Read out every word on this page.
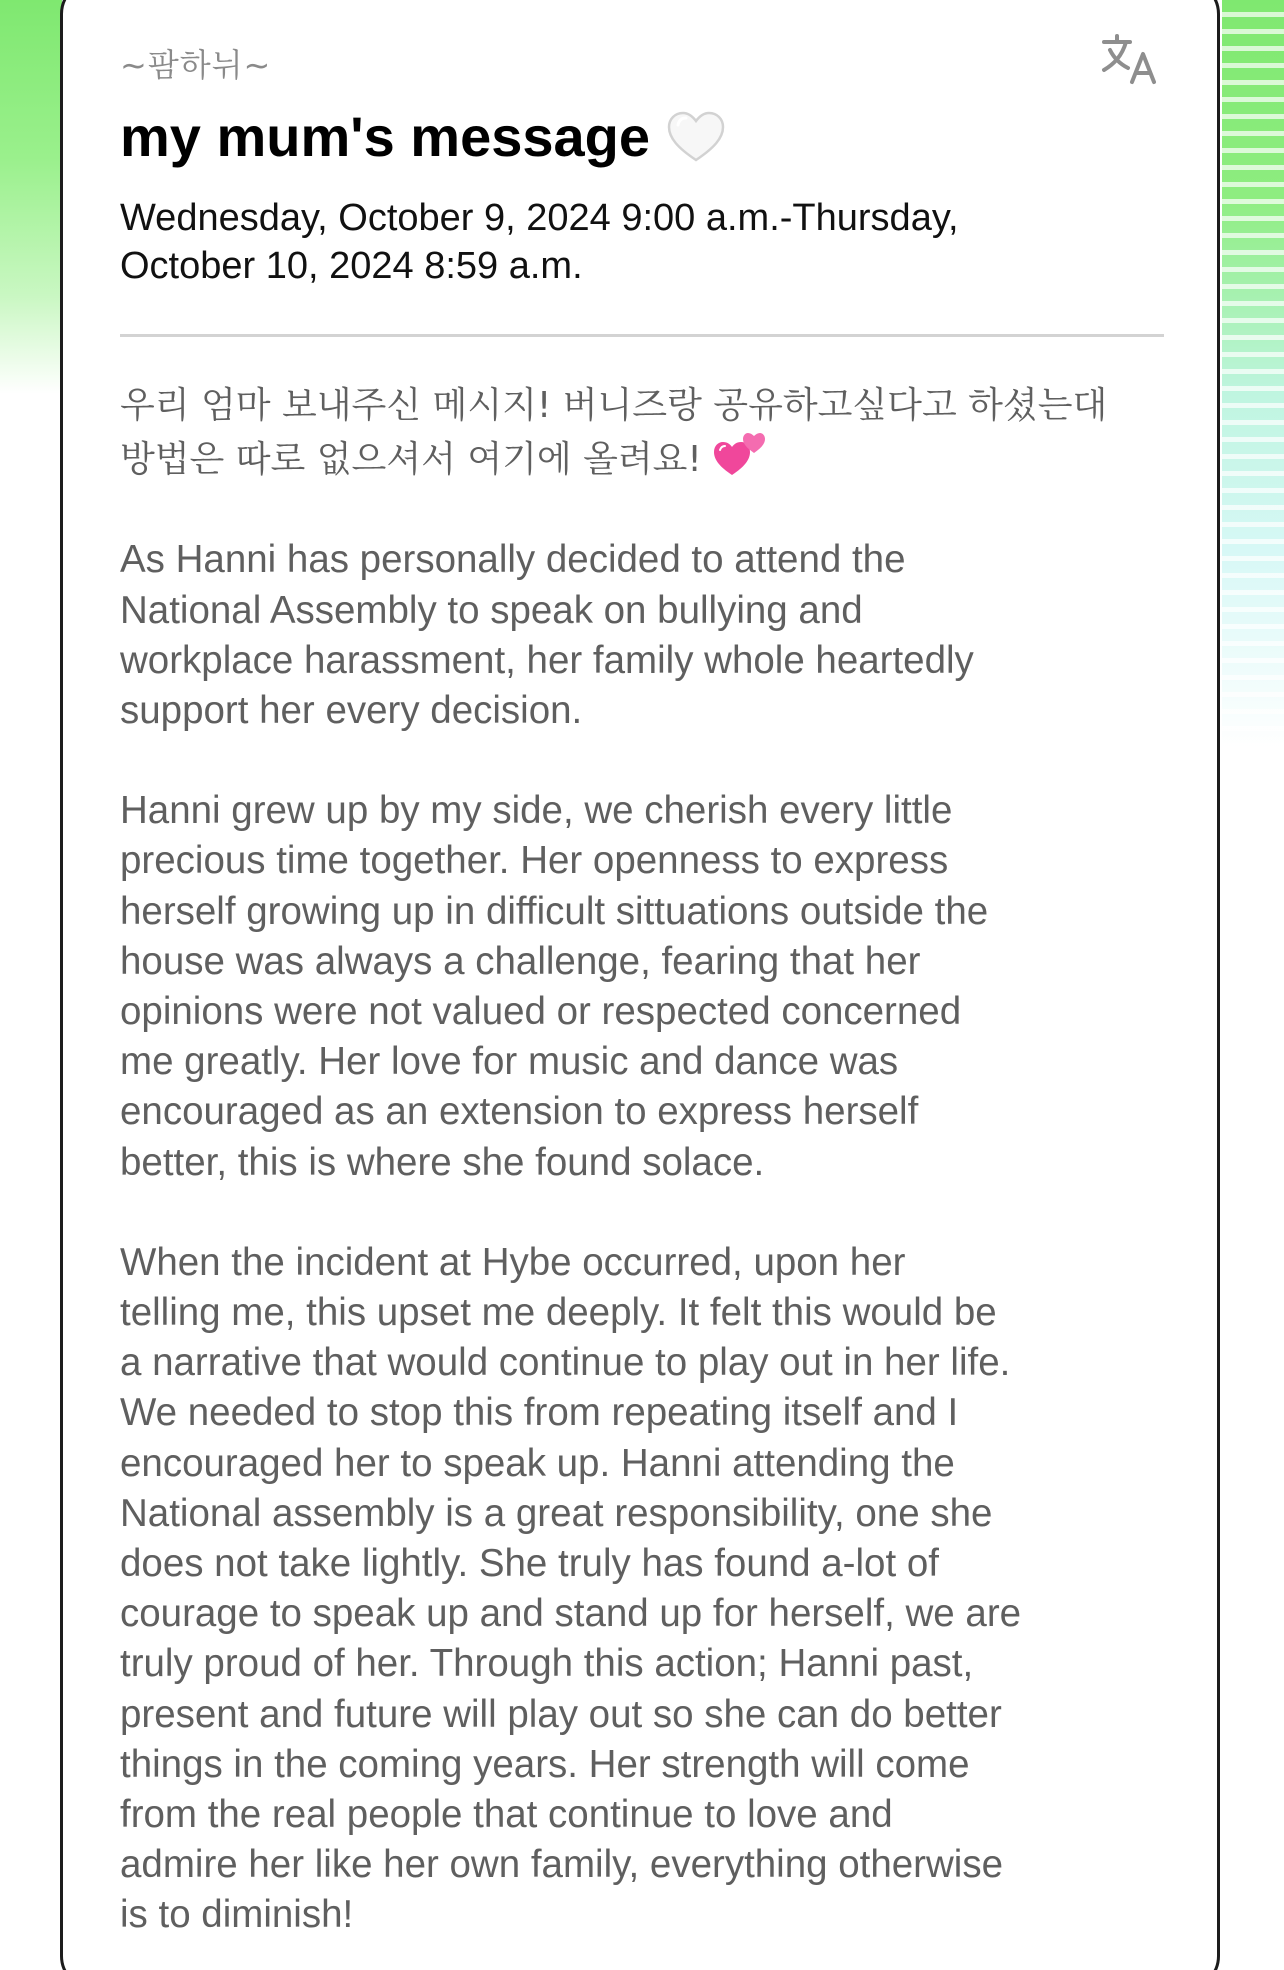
~팜하뉘~
my mum's message
Wednesday, October 9, 2024 9:00 a.m.-Thursday,
October 10, 2024 8:59 a.m.

우리 엄마 보내주신 메시지! 버니즈랑 공유하고싶다고 하셨는대
방법은 따로 없으셔서 여기에 올려요!

As Hanni has personally decided to attend the
National Assembly to speak on bullying and
workplace harassment, her family whole heartedly
support her every decision.

Hanni grew up by my side, we cherish every little
precious time together. Her openness to express
herself growing up in difficult sittuations outside the
house was always a challenge, fearing that her
opinions were not valued or respected concerned
me greatly. Her love for music and dance was
encouraged as an extension to express herself
better, this is where she found solace.

When the incident at Hybe occurred, upon her
telling me, this upset me deeply. It felt this would be
a narrative that would continue to play out in her life.
We needed to stop this from repeating itself and I
encouraged her to speak up. Hanni attending the
National assembly is a great responsibility, one she
does not take lightly. She truly has found a-lot of
courage to speak up and stand up for herself, we are
truly proud of her. Through this action; Hanni past,
present and future will play out so she can do better
things in the coming years. Her strength will come
from the real people that continue to love and
admire her like her own family, everything otherwise
is to diminish!
